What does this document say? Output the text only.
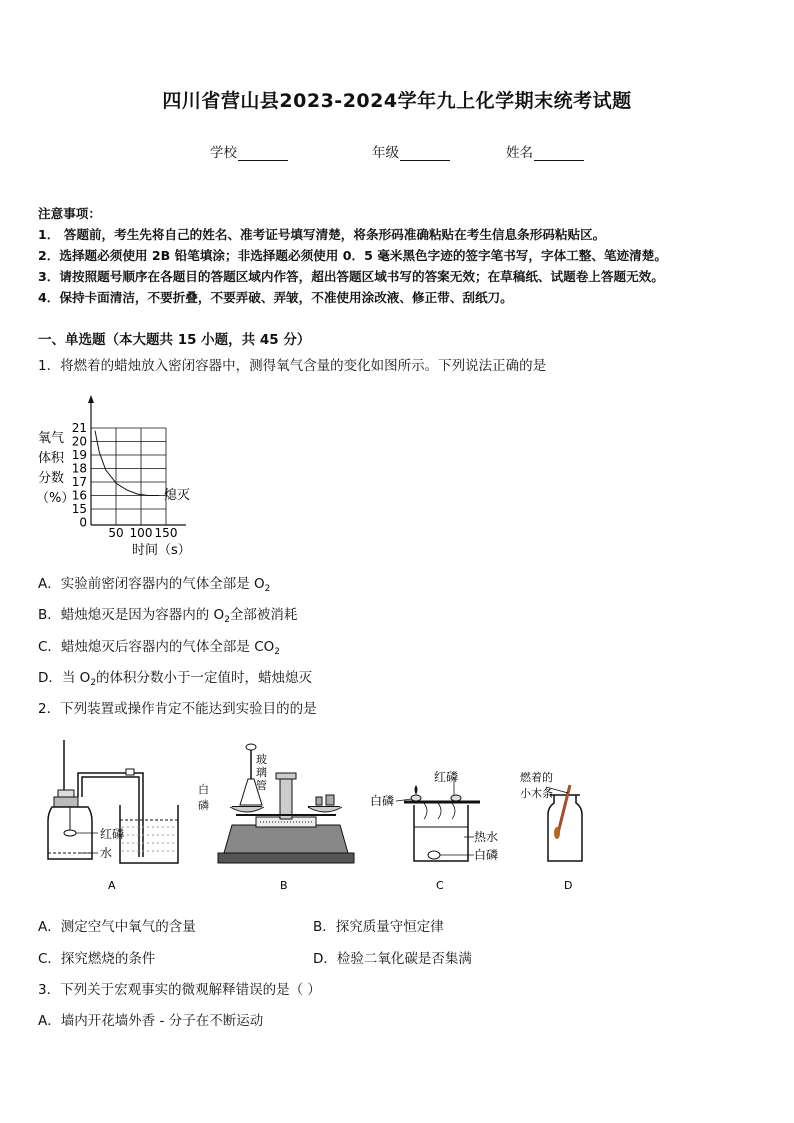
四川省营山县2023-2024学年九上化学期末统考试题
学校	年级	姓名
注意事项：
1． 答题前，考生先将自己的姓名、准考证号填写清楚，将条形码准确粘贴在考生信息条形码粘贴区。
2．选择题必须使用 2B 铅笔填涂；非选择题必须使用 0．5 毫米黑色字迹的签字笔书写，字体工整、笔迹清楚。
3．请按照题号顺序在各题目的答题区域内作答，超出答题区域书写的答案无效；在草稿纸、试题卷上答题无效。
4．保持卡面清洁，不要折叠，不要弄破、弄皱，不准使用涂改液、修正带、刮纸刀。
一、单选题（本大题共 15 小题，共 45 分）
1．将燃着的蜡烛放入密闭容器中，测得氧气含量的变化如图所示。下列说法正确的是
21
20
19
18
17
16
15
0
50 100 150
氧气
体积
分数
（%）	熄灭
时间（s）
A．实验前密闭容器内的气体全部是 $O_2$
B．蜡烛熄灭是因为容器内的 $O_2$全部被消耗
C．蜡烛熄灭后容器内的气体全部是 $CO_2$
D．当 $O_2$的体积分数小于一定值时，蜡烛熄灭
2．下列装置或操作肯定不能达到实验目的的是
红磷
水
A
玻
璃
管
B
白
磷
红磷
白磷
热水
白磷
C
燃着的
小木条
D
A．测定空气中氧气的含量	B．探究质量守恒定律
C．探究燃烧的条件	D．检验二氧化碳是否集满
3．下列关于宏观事实的微观解释错误的是（ ）
A．墙内开花墙外香 - 分子在不断运动
